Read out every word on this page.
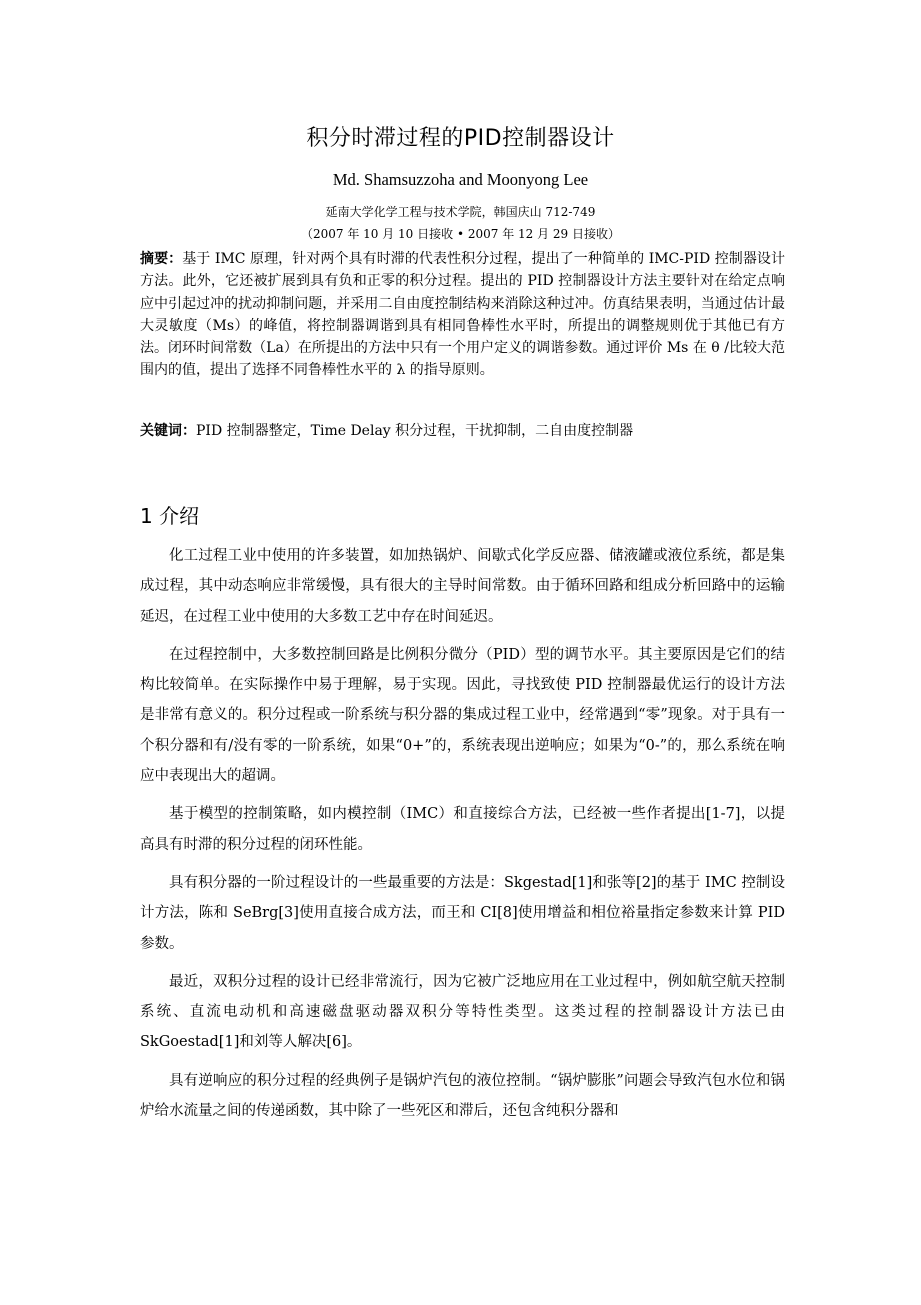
积分时滞过程的PID控制器设计
Md. Shamsuzzoha and Moonyong Lee
延南大学化学工程与技术学院，韩国庆山 712-749
（2007 年 10 月 10 日接收 • 2007 年 12 月 29 日接收）
摘要：基于 IMC 原理，针对两个具有时滞的代表性积分过程，提出了一种简单的 IMC-PID 控制器设计方法。此外，它还被扩展到具有负和正零的积分过程。提出的 PID 控制器设计方法主要针对在给定点响应中引起过冲的扰动抑制问题，并采用二自由度控制结构来消除这种过冲。仿真结果表明，当通过估计最大灵敏度（Ms）的峰值，将控制器调谐到具有相同鲁棒性水平时，所提出的调整规则优于其他已有方法。闭环时间常数（La）在所提出的方法中只有一个用户定义的调谐参数。通过评价 Ms 在 θ /比较大范围内的值，提出了选择不同鲁棒性水平的 λ 的指导原则。
关键词：PID 控制器整定，Time Delay 积分过程，干扰抑制，二自由度控制器
1 介绍

化工过程工业中使用的许多装置，如加热锅炉、间歇式化学反应器、储液罐或液位系统，都是集成过程，其中动态响应非常缓慢，具有很大的主导时间常数。由于循环回路和组成分析回路中的运输延迟，在过程工业中使用的大多数工艺中存在时间延迟。

在过程控制中，大多数控制回路是比例积分微分（PID）型的调节水平。其主要原因是它们的结构比较简单。在实际操作中易于理解，易于实现。因此，寻找致使 PID 控制器最优运行的设计方法是非常有意义的。积分过程或一阶系统与积分器的集成过程工业中，经常遇到“零”现象。对于具有一个积分器和有/没有零的一阶系统，如果“0+”的，系统表现出逆响应；如果为“0-”的，那么系统在响应中表现出大的超调。

基于模型的控制策略，如内模控制（IMC）和直接综合方法，已经被一些作者提出[1-7]，以提高具有时滞的积分过程的闭环性能。

具有积分器的一阶过程设计的一些最重要的方法是：Skgestad[1]和张等[2]的基于 IMC 控制设计方法，陈和 SeBrg[3]使用直接合成方法，而王和 CI[8]使用增益和相位裕量指定参数来计算 PID 参数。

最近，双积分过程的设计已经非常流行，因为它被广泛地应用在工业过程中，例如航空航天控制系统、直流电动机和高速磁盘驱动器双积分等特性类型。这类过程的控制器设计方法已由 SkGoestad[1]和刘等人解决[6]。

具有逆响应的积分过程的经典例子是锅炉汽包的液位控制。“锅炉膨胀”问题会导致汽包水位和锅炉给水流量之间的传递函数，其中除了一些死区和滞后，还包含纯积分器和
